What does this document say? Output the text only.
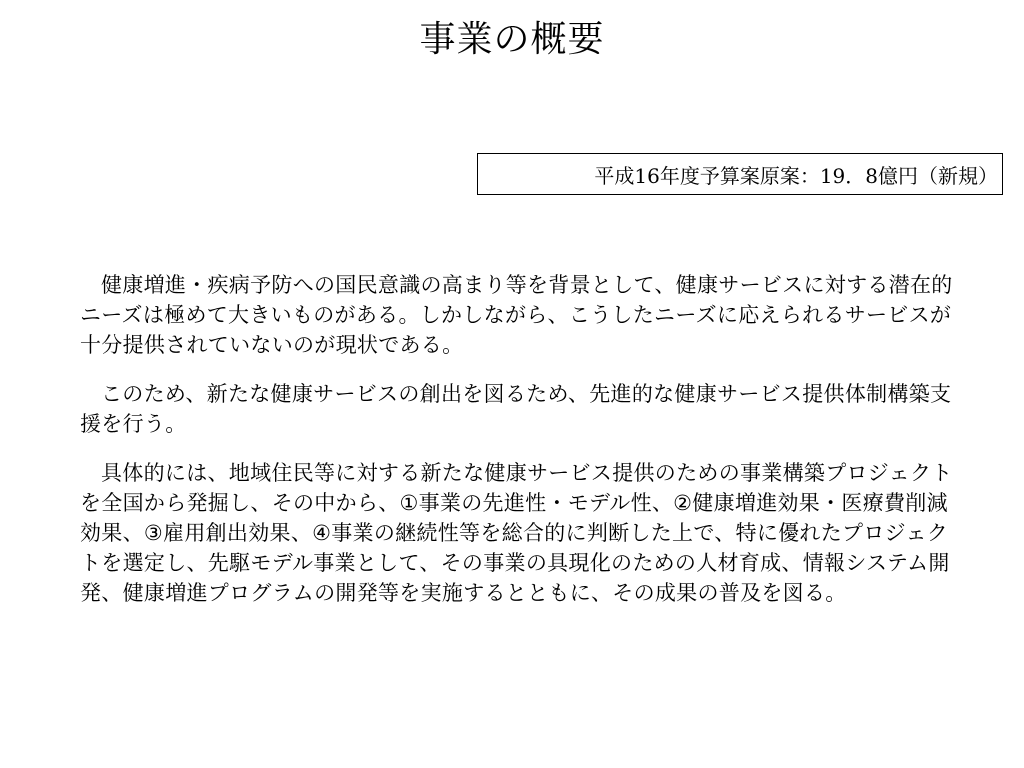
事業の概要
平成16年度予算案原案：19．8億円（新規）

健康増進・疾病予防への国民意識の高まり等を背景として、健康サービスに対する潜在的ニーズは極めて大きいものがある。しかしながら、こうしたニーズに応えられるサービスが十分提供されていないのが現状である。

このため、新たな健康サービスの創出を図るため、先進的な健康サービス提供体制構築支援を行う。

具体的には、地域住民等に対する新たな健康サービス提供のための事業構築プロジェクトを全国から発掘し、その中から、①事業の先進性・モデル性、②健康増進効果・医療費削減効果、③雇用創出効果、④事業の継続性等を総合的に判断した上で、特に優れたプロジェクトを選定し、先駆モデル事業として、その事業の具現化のための人材育成、情報システム開発、健康増進プログラムの開発等を実施するとともに、その成果の普及を図る。
